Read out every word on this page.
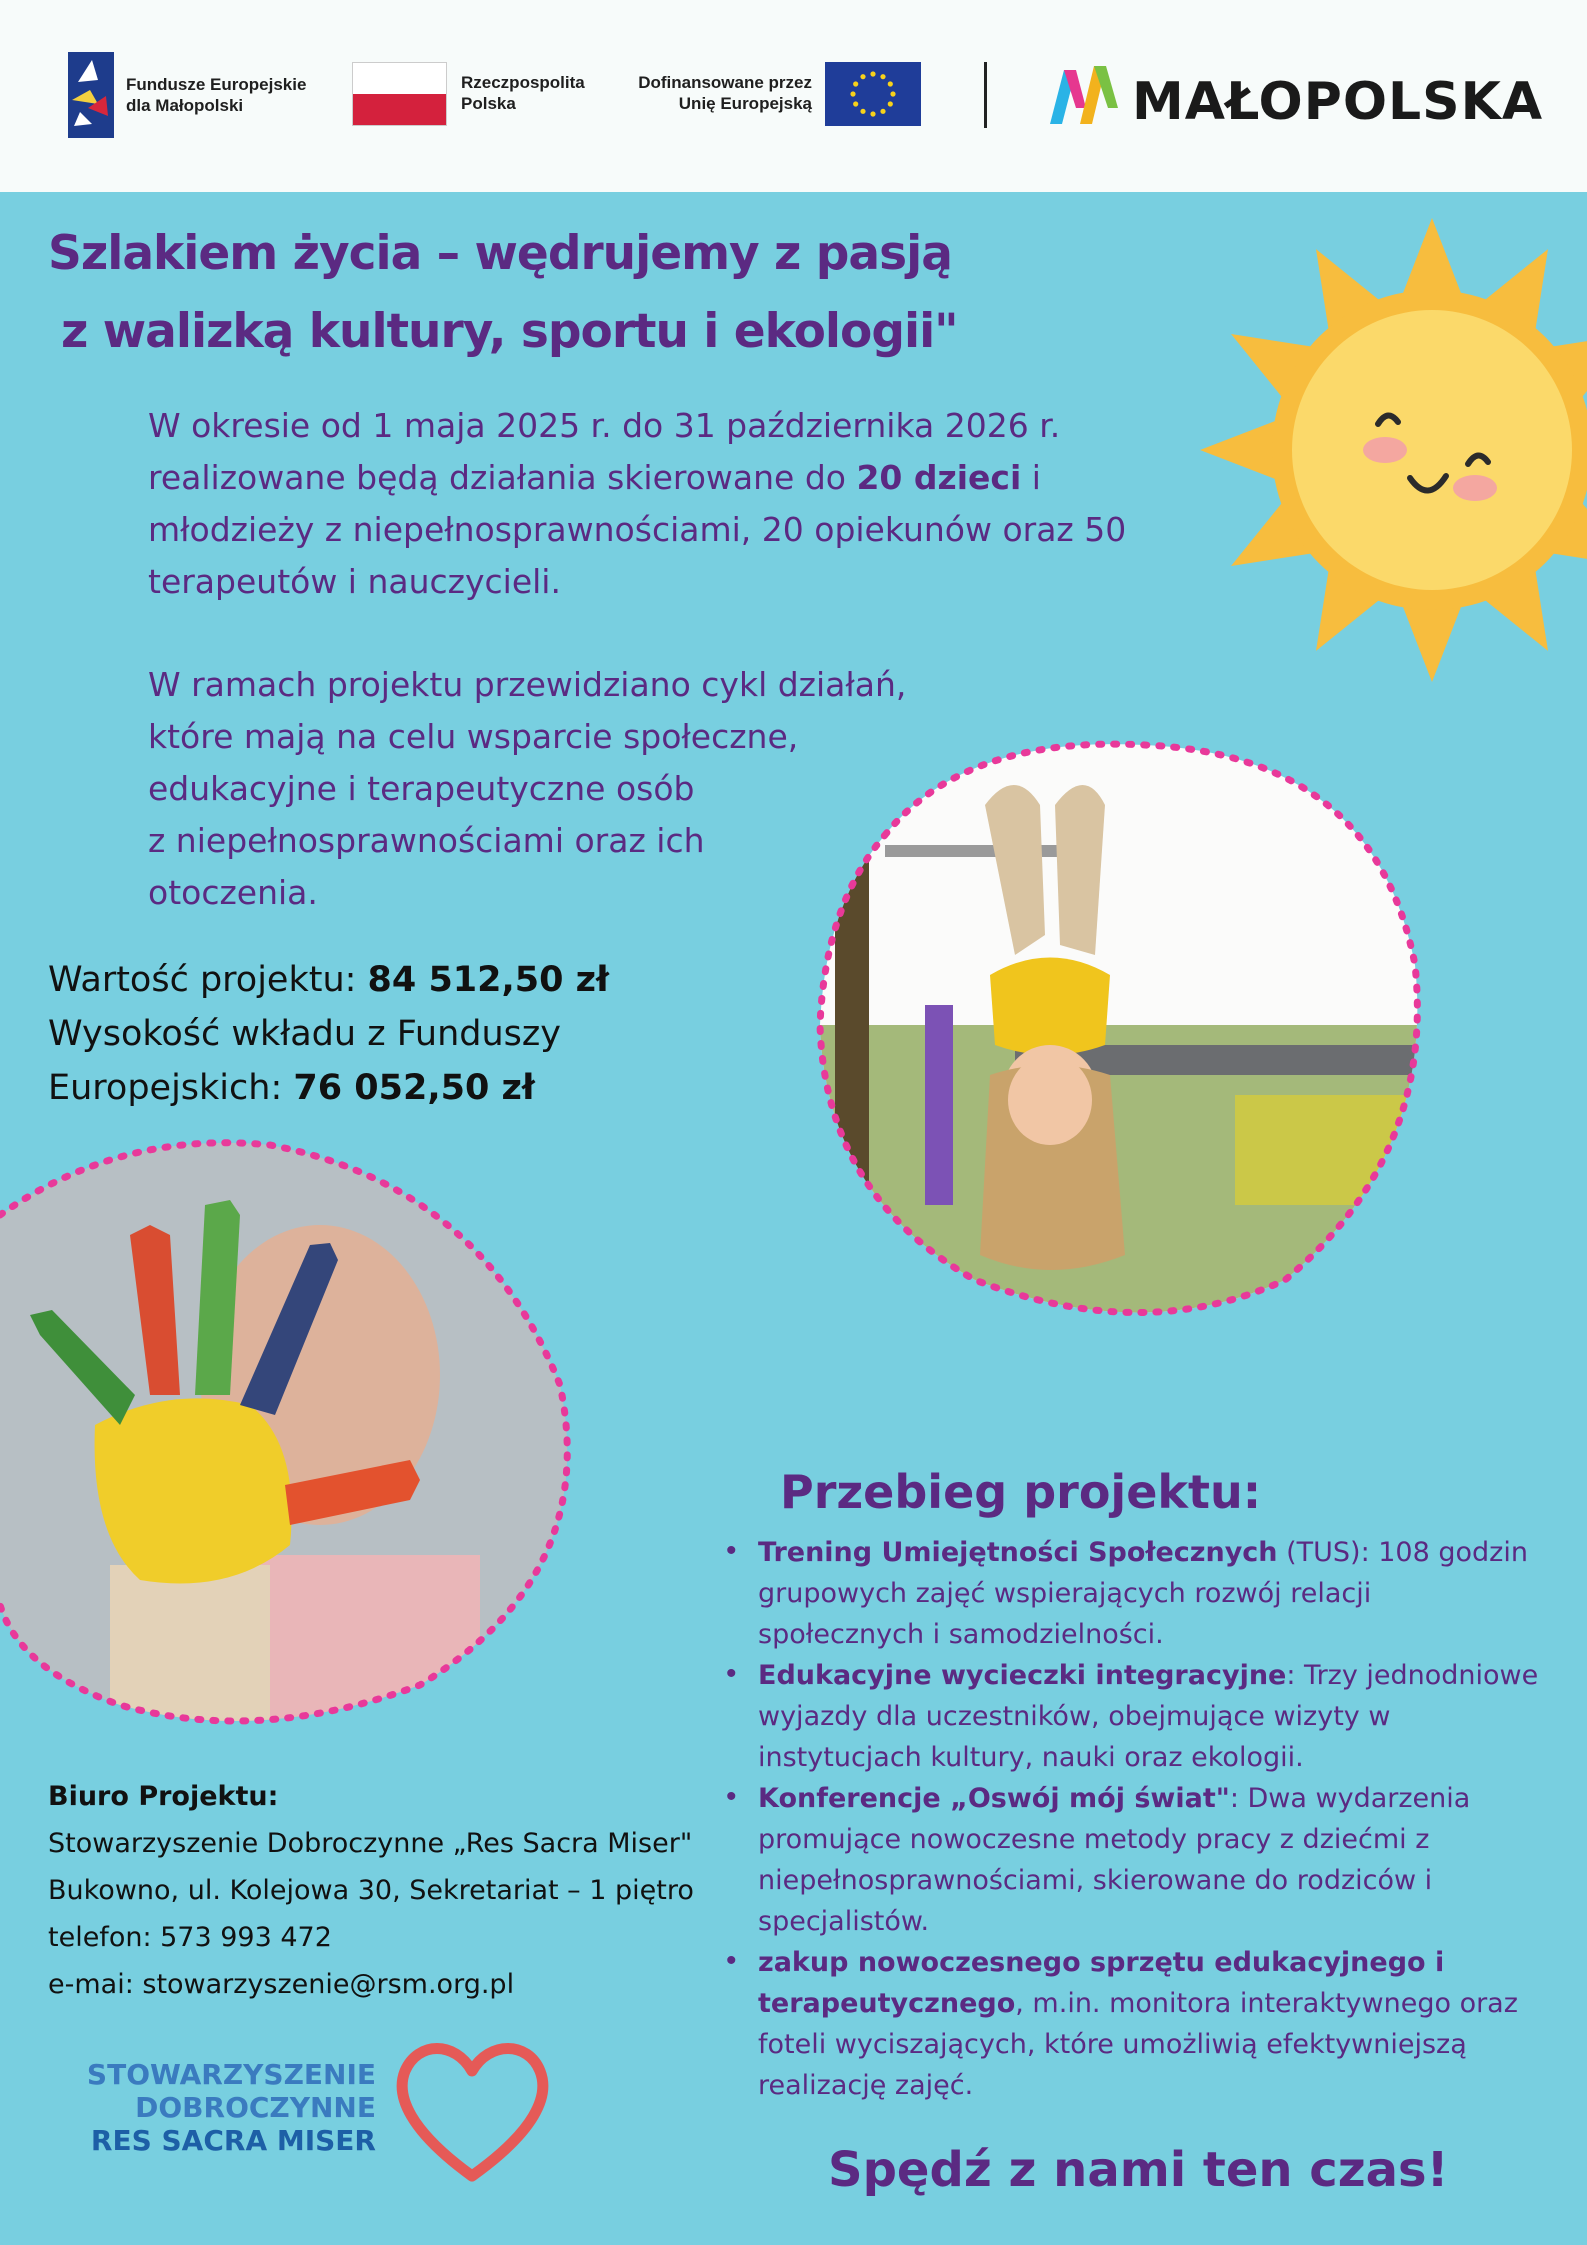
Fundusze Europejskie
dla Małopolski
Rzeczpospolita
Polska
Dofinansowane przez
Unię Europejską	MAŁOPOLSKA
Szlakiem życia – wędrujemy z pasją
z walizką kultury, sportu i ekologii"
W okresie od 1 maja 2025 r. do 31 października 2026 r.
realizowane będą działania skierowane do 20 dzieci i
młodzieży z niepełnosprawnościami, 20 opiekunów oraz 50
terapeutów i nauczycieli.
W ramach projektu przewidziano cykl działań,
które mają na celu wsparcie społeczne,
edukacyjne i terapeutyczne osób
z niepełnosprawnościami oraz ich
otoczenia.
Wartość projektu: 84 512,50 zł
Wysokość wkładu z Funduszy
Europejskich: 76 052,50 zł
Przebieg projektu:
• Trening Umiejętności Społecznych (TUS): 108 godzin
grupowych zajęć wspierających rozwój relacji
społecznych i samodzielności.
• Edukacyjne wycieczki integracyjne: Trzy jednodniowe
wyjazdy dla uczestników, obejmujące wizyty w
instytucjach kultury, nauki oraz ekologii.
• Konferencje „Oswój mój świat": Dwa wydarzenia
promujące nowoczesne metody pracy z dziećmi z
niepełnosprawnościami, skierowane do rodziców i
specjalistów.
• zakup nowoczesnego sprzętu edukacyjnego i
terapeutycznego, m.in. monitora interaktywnego oraz
foteli wyciszających, które umożliwią efektywniejszą
realizację zajęć.
Spędź z nami ten czas!
Biuro Projektu:
Stowarzyszenie Dobroczynne „Res Sacra Miser"
Bukowno, ul. Kolejowa 30, Sekretariat – 1 piętro
telefon: 573 993 472
e-mai: stowarzyszenie@rsm.org.pl
STOWARZYSZENIE
DOBROCZYNNE
RES SACRA MISER
